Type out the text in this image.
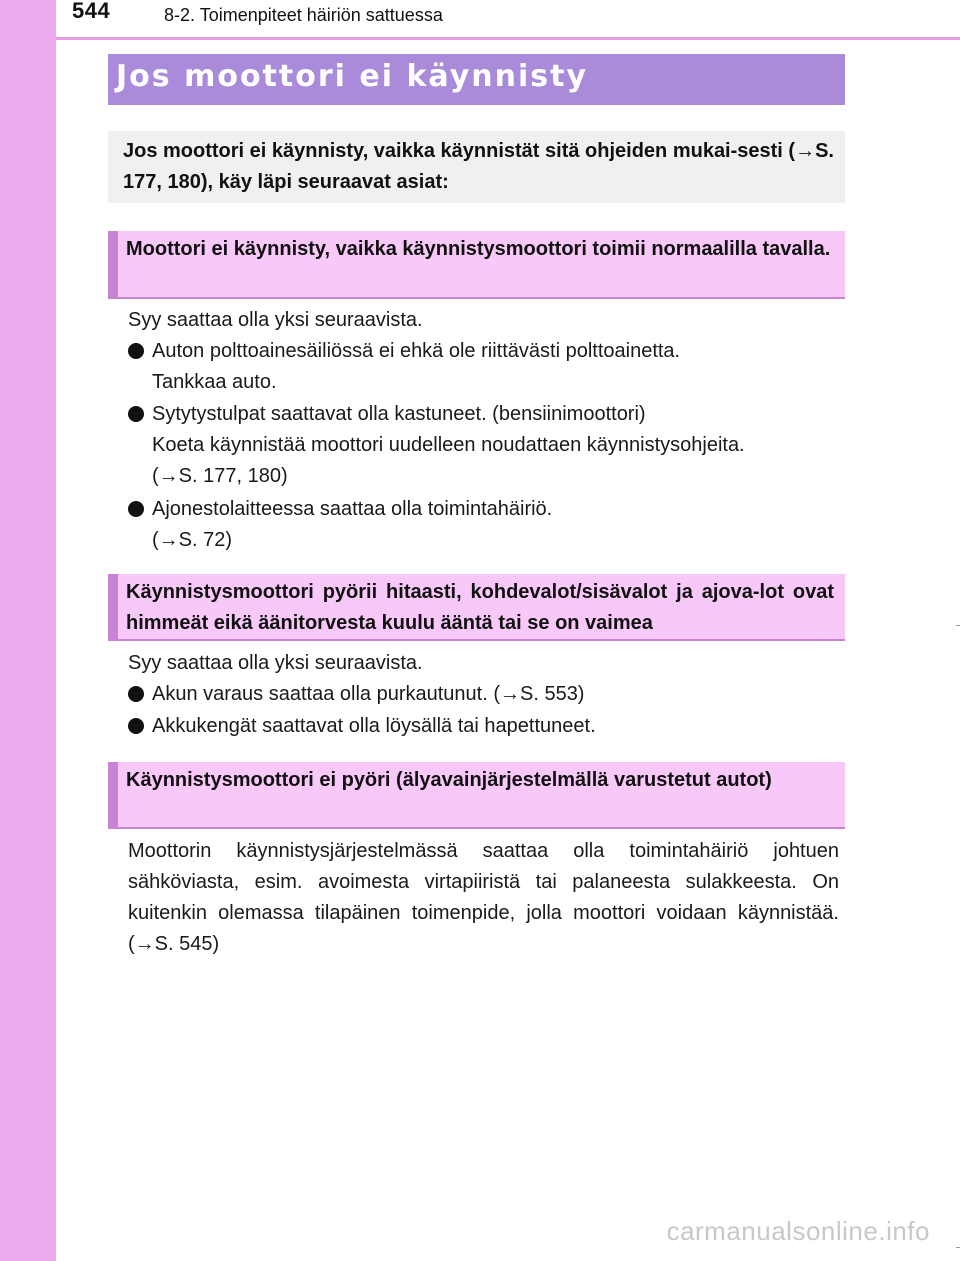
544	8-2. Toimenpiteet häiriön sattuessa
Jos moottori ei käynnisty
Jos moottori ei käynnisty, vaikka käynnistät sitä ohjeiden mukai-sesti (→S. 177, 180), käy läpi seuraavat asiat:
Moottori ei käynnisty, vaikka käynnistysmoottori toimii normaalilla tavalla.
Syy saattaa olla yksi seuraavista.
Auton polttoainesäiliössä ei ehkä ole riittävästi polttoainetta.
Tankkaa auto.
Sytytystulpat saattavat olla kastuneet. (bensiinimoottori)
Koeta käynnistää moottori uudelleen noudattaen käynnistysohjeita.
(→S. 177, 180)
Ajonestolaitteessa saattaa olla toimintahäiriö.
(→S. 72)
Käynnistysmoottori pyörii hitaasti, kohdevalot/sisävalot ja ajova-lot ovat himmeät eikä äänitorvesta kuulu ääntä tai se on vaimea
Syy saattaa olla yksi seuraavista.
Akun varaus saattaa olla purkautunut. (→S. 553)
Akkukengät saattavat olla löysällä tai hapettuneet.
Käynnistysmoottori ei pyöri (älyavainjärjestelmällä varustetut autot)
Moottorin käynnistysjärjestelmässä saattaa olla toimintahäiriö johtuen sähköviasta, esim. avoimesta virtapiiristä tai palaneesta sulakkeesta. On kuitenkin olemassa tilapäinen toimenpide, jolla moottori voidaan käynnistää. (→S. 545)
carmanualsonline.info
